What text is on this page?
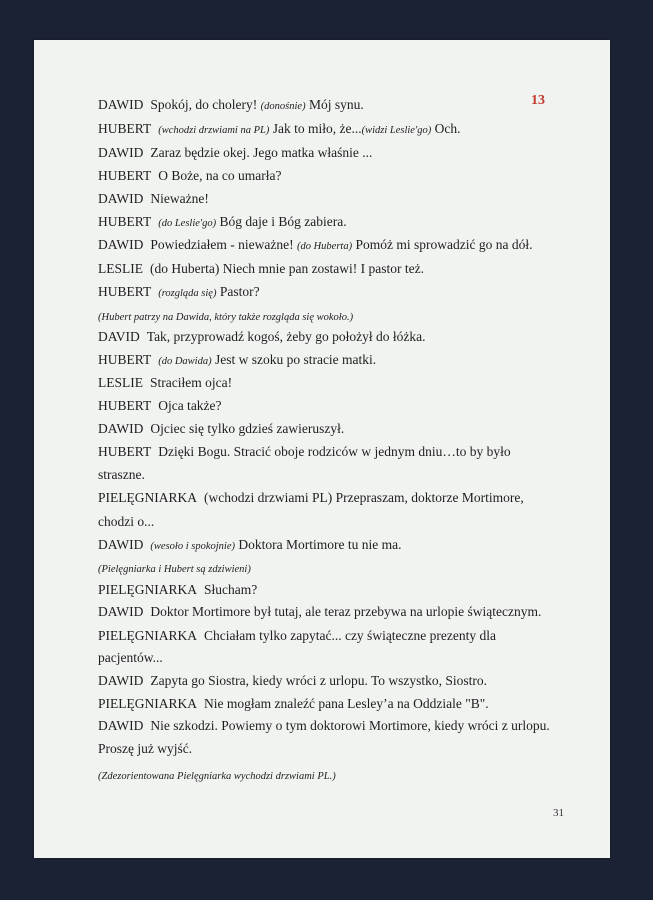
13
DAWID Spokój, do cholery! (donośnie) Mój synu.
HUBERT (wchodzi drzwiami na PL) Jak to miło, że...(widzi Leslie'go) Och.
DAWID Zaraz będzie okej. Jego matka właśnie ...
HUBERT O Boże, na co umarła?
DAWID Nieważne!
HUBERT (do Leslie'go) Bóg daje i Bóg zabiera.
DAWID Powiedziałem - nieważne! (do Huberta) Pomóż mi sprowadzić go na dół.
LESLIE (do Huberta) Niech mnie pan zostawi! I pastor też.
HUBERT (rozgląda się) Pastor?
(Hubert patrzy na Dawida, który także rozgląda się wokoło.)
DAVID Tak, przyprowadź kogoś, żeby go położył do łóżka.
HUBERT (do Dawida) Jest w szoku po stracie matki.
LESLIE Straciłem ojca!
HUBERT Ojca także?
DAWID Ojciec się tylko gdzieś zawieruszył.
HUBERT Dzięki Bogu. Stracić oboje rodziców w jednym dniu…to by było
straszne.
PIELĘGNIARKA (wchodzi drzwiami PL) Przepraszam, doktorze Mortimore,
chodzi o...
DAWID (wesoło i spokojnie) Doktora Mortimore tu nie ma.
(Pielęgniarka i Hubert są zdziwieni)
PIELĘGNIARKA Słucham?
DAWID Doktor Mortimore był tutaj, ale teraz przebywa na urlopie świątecznym.
PIELĘGNIARKA Chciałam tylko zapytać... czy świąteczne prezenty dla
pacjentów...
DAWID Zapyta go Siostra, kiedy wróci z urlopu. To wszystko, Siostro.
PIELĘGNIARKA Nie mogłam znaleźć pana Lesley’a na Oddziale "B".
DAWID Nie szkodzi. Powiemy o tym doktorowi Mortimore, kiedy wróci z urlopu.
Proszę już wyjść.
(Zdezorientowana Pielęgniarka wychodzi drzwiami PL.)
31
